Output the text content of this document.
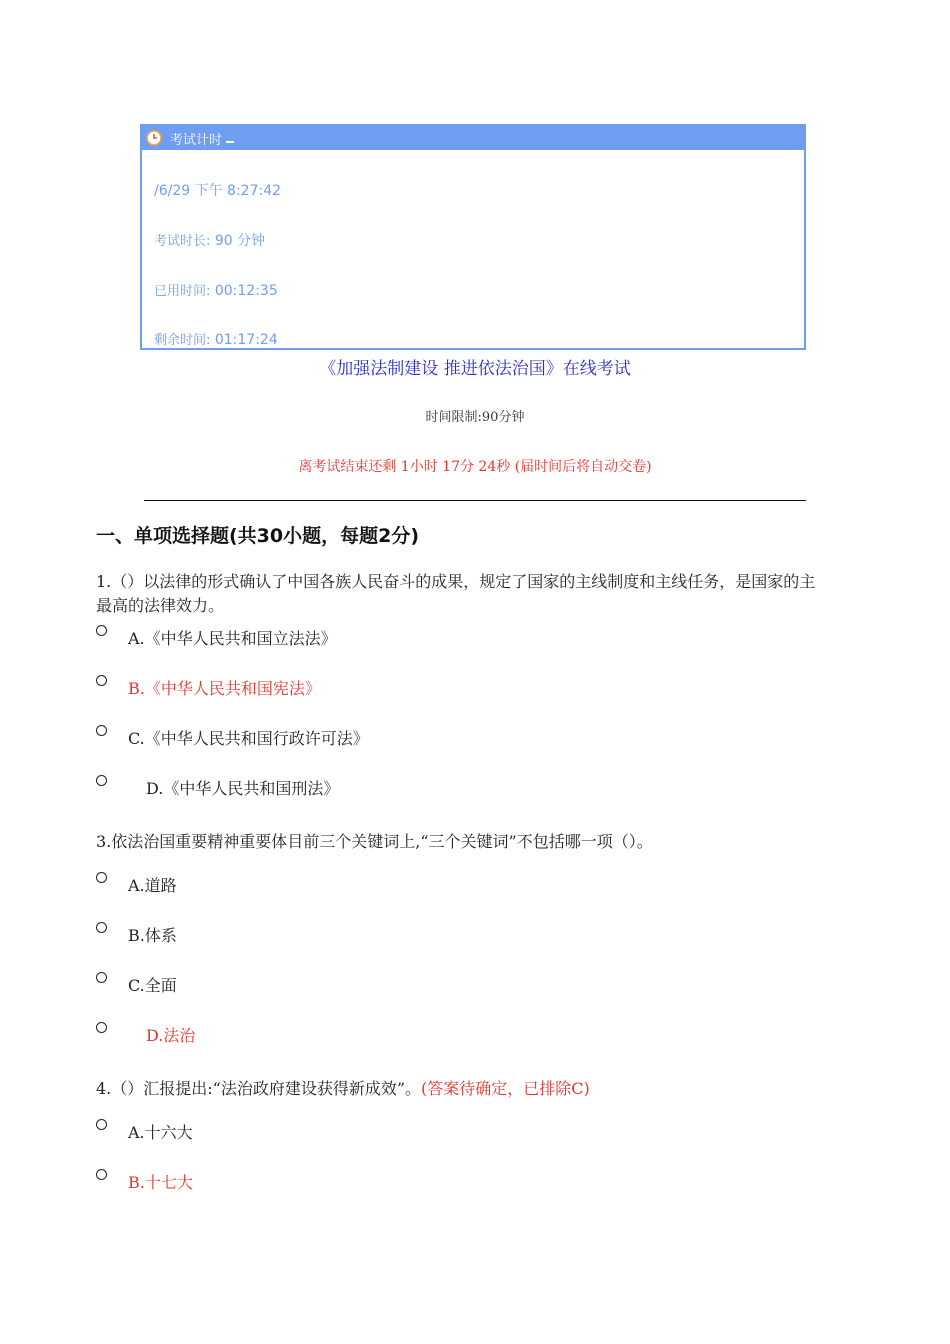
考试计时
/6/29 下午 8:27:42
考试时长: 90 分钟
已用时间: 00:12:35
剩余时间: 01:17:24
《加强法制建设 推进依法治国》在线考试
时间限制:90分钟
离考试结束还剩 1小时 17分 24秒 (届时间后将自动交卷)
一、单项选择题(共30小题，每题2分)
1.（）以法律的形式确认了中国各族人民奋斗的成果，规定了国家的主线制度和主线任务，是国家的主
最高的法律效力。
A.《中华人民共和国立法法》
B.《中华人民共和国宪法》
C.《中华人民共和国行政许可法》
D.《中华人民共和国刑法》
3.依法治国重要精神重要体目前三个关键词上,“三个关键词”不包括哪一项（）。
A.道路
B.体系
C.全面
D.法治
4.（）汇报提出:“法治政府建设获得新成效”。(答案待确定，已排除C)
A.十六大
B.十七大
